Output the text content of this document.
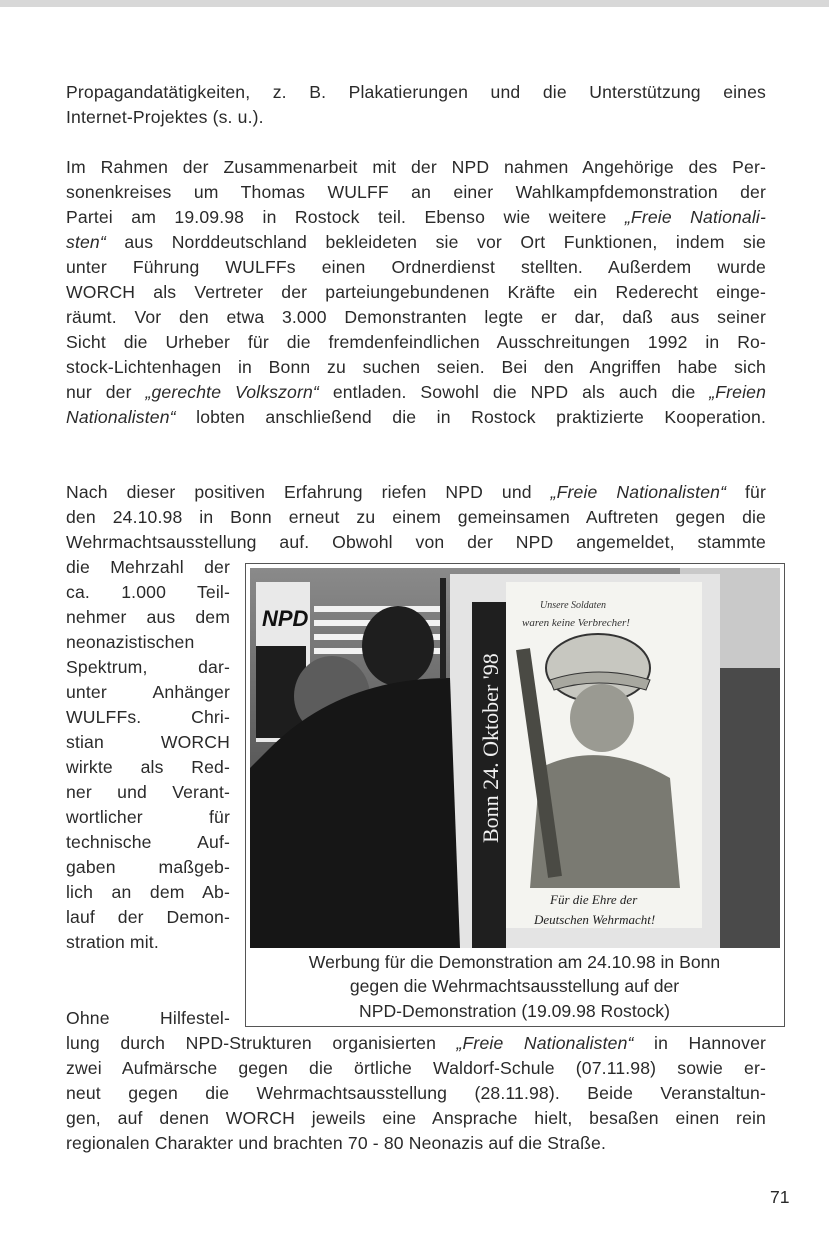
Propagandatätigkeiten, z. B. Plakatierungen und die Unterstützung eines
Internet-Projektes (s. u.).
Im Rahmen der Zusammenarbeit mit der NPD nahmen Angehörige des Per-
sonenkreises um Thomas WULFF an einer Wahlkampfdemonstration der
Partei am 19.09.98 in Rostock teil. Ebenso wie weitere „Freie Nationali-
sten“ aus Norddeutschland bekleideten sie vor Ort Funktionen, indem sie
unter Führung WULFFs einen Ordnerdienst stellten. Außerdem wurde
WORCH als Vertreter der parteiungebundenen Kräfte ein Rederecht einge-
räumt. Vor den etwa 3.000 Demonstranten legte er dar, daß aus seiner
Sicht die Urheber für die fremdenfeindlichen Ausschreitungen 1992 in Ro-
stock-Lichtenhagen in Bonn zu suchen seien. Bei den Angriffen habe sich
nur der „gerechte Volkszorn“ entladen. Sowohl die NPD als auch die „Freien
Nationalisten“ lobten anschließend die in Rostock praktizierte Kooperation.
Nach dieser positiven Erfahrung riefen NPD und „Freie Nationalisten“ für
den 24.10.98 in Bonn erneut zu einem gemeinsamen Auftreten gegen die
Wehrmachtsausstellung auf. Obwohl von der NPD angemeldet, stammte
die Mehrzahl der
ca. 1.000 Teil-
nehmer aus dem
neonazistischen
Spektrum, dar-
unter Anhänger
WULFFs. Chri-
stian WORCH
wirkte als Red-
ner und Verant-
wortlicher für
technische Auf-
gaben maßgeb-
lich an dem Ab-
lauf der Demon-
stration mit.
Ohne Hilfestel-
lung durch NPD-Strukturen organisierten „Freie Nationalisten“ in Hannover
zwei Aufmärsche gegen die örtliche Waldorf-Schule (07.11.98) sowie er-
neut gegen die Wehrmachtsausstellung (28.11.98). Beide Veranstaltun-
gen, auf denen WORCH jeweils eine Ansprache hielt, besaßen einen rein
regionalen Charakter und brachten 70 - 80 Neonazis auf die Straße.
NPD
Bonn 24. Oktober '98
Unsere Soldaten
waren keine Verbrecher!
Für die Ehre der
Deutschen Wehrmacht!
Werbung für die Demonstration am 24.10.98 in Bonn
gegen die Wehrmachtsausstellung auf der
NPD-Demonstration (19.09.98 Rostock)
71
